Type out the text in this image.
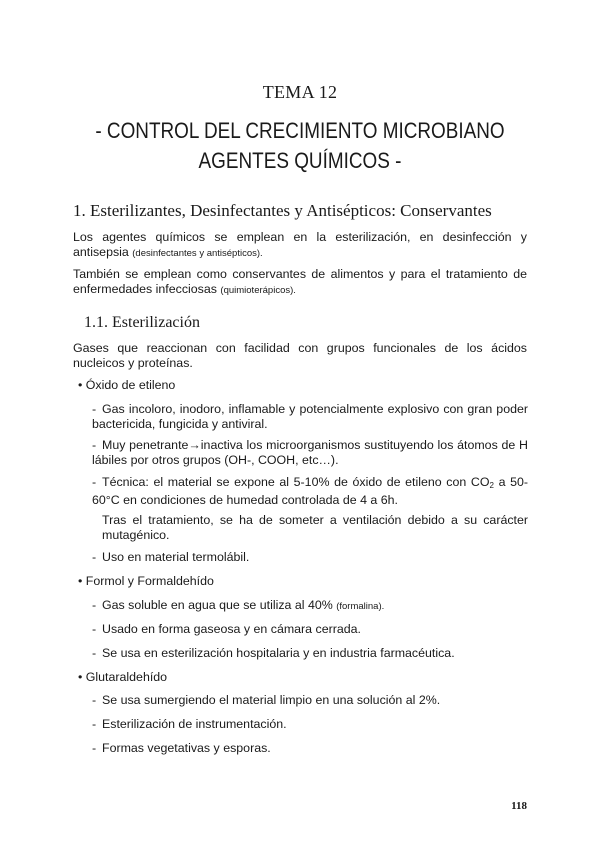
TEMA 12
- CONTROL DEL CRECIMIENTO MICROBIANO
AGENTES QUÍMICOS -
1. Esterilizantes, Desinfectantes y Antisépticos: Conservantes
Los agentes químicos se emplean en la esterilización, en desinfección y antisepsia (desinfectantes y antisépticos).
También se emplean como conservantes de alimentos y para el tratamiento de enfermedades infecciosas (quimioterápicos).
1.1. Esterilización
Gases que reaccionan con facilidad con grupos funcionales de los ácidos nucleicos y proteínas.
• Óxido de etileno
- Gas incoloro, inodoro, inflamable y potencialmente explosivo con gran poder bactericida, fungicida y antiviral.
- Muy penetrante→inactiva los microorganismos sustituyendo los átomos de H lábiles por otros grupos (OH-, COOH, etc…).
- Técnica: el material se expone al 5-10% de óxido de etileno con $CO_2$ a 50-60°C en condiciones de humedad controlada de 4 a 6h.
Tras el tratamiento, se ha de someter a ventilación debido a su carácter mutagénico.
- Uso en material termolábil.
• Formol y Formaldehído
- Gas soluble en agua que se utiliza al 40% (formalina).
- Usado en forma gaseosa y en cámara cerrada.
- Se usa en esterilización hospitalaria y en industria farmacéutica.
• Glutaraldehído
- Se usa sumergiendo el material limpio en una solución al 2%.
- Esterilización de instrumentación.
- Formas vegetativas y esporas.
118
